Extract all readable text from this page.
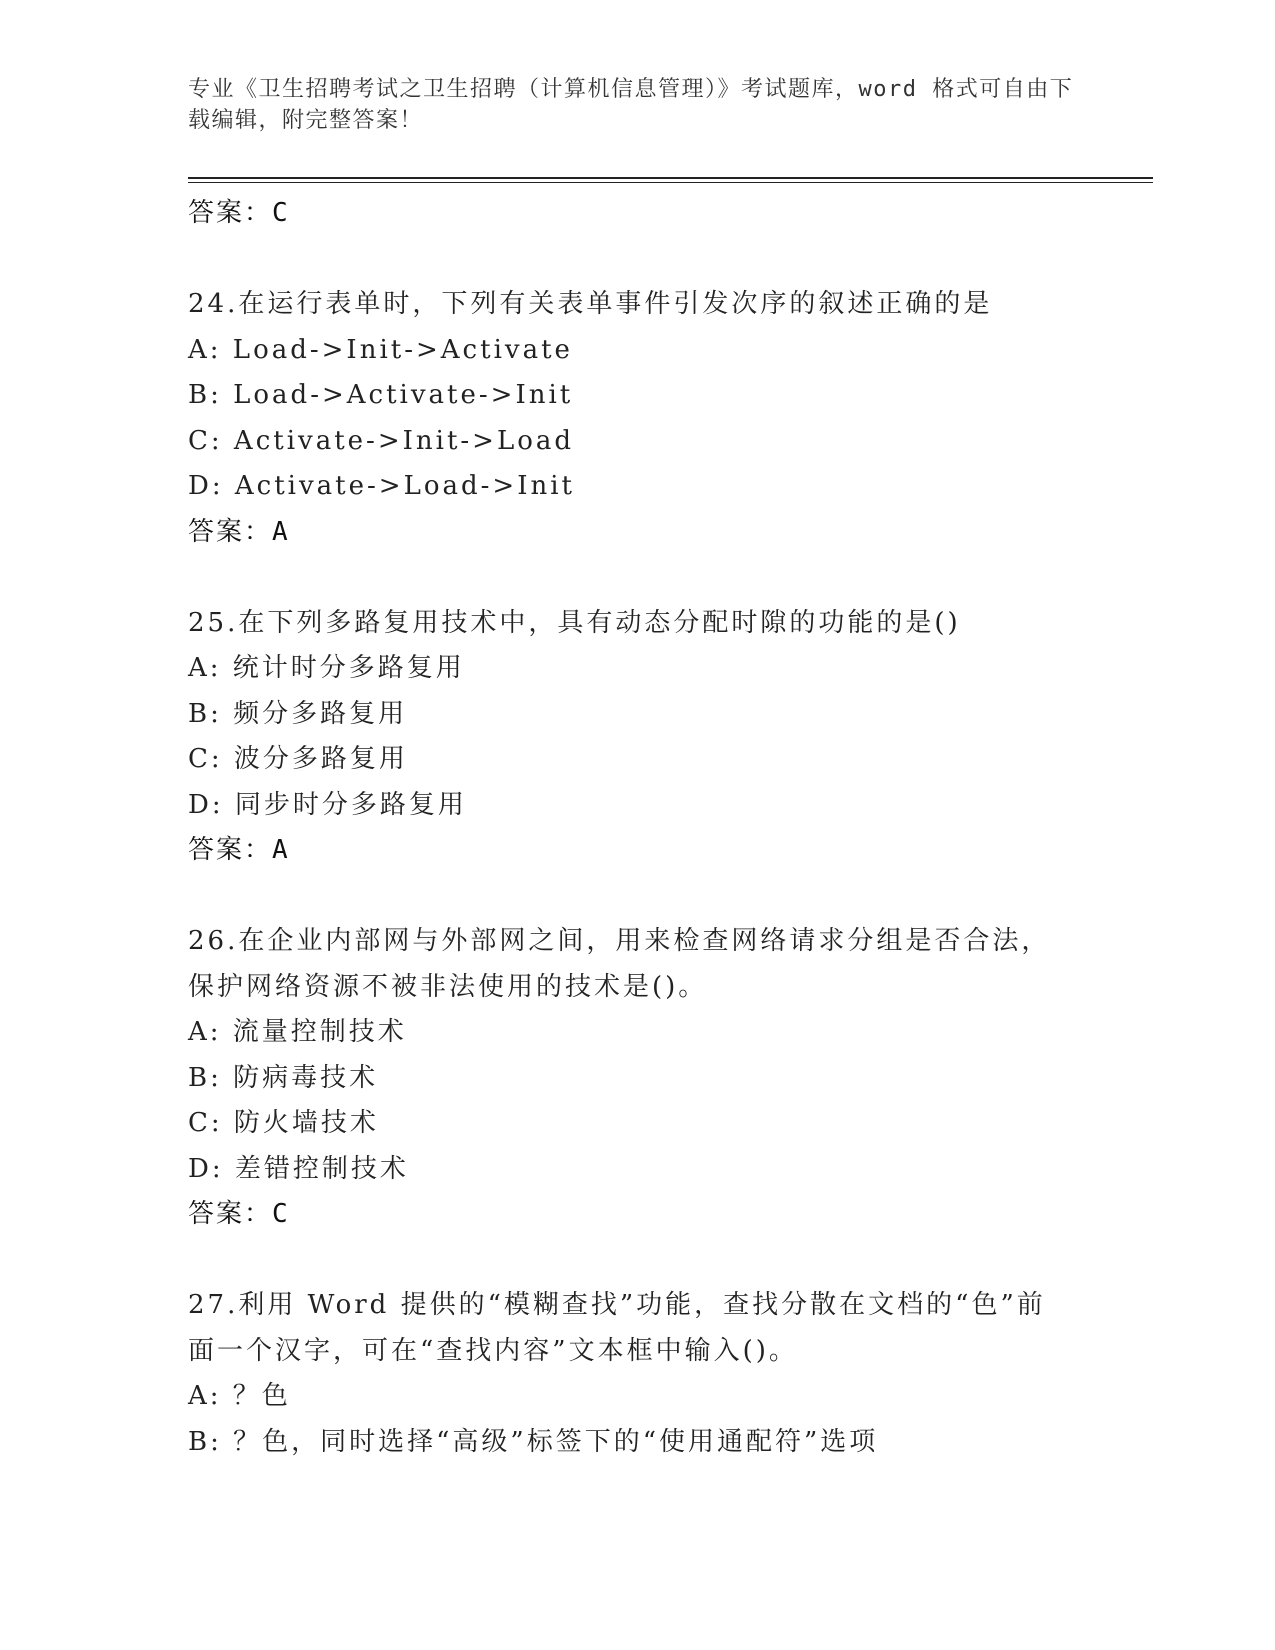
专业《卫生招聘考试之卫生招聘（计算机信息管理）》考试题库，word 格式可自由下载编辑，附完整答案！
答案：C
24.在运行表单时，下列有关表单事件引发次序的叙述正确的是
A: Load->Init->Activate
B: Load->Activate->Init
C: Activate->Init->Load
D: Activate->Load->Init
答案：A
25.在下列多路复用技术中，具有动态分配时隙的功能的是()
A: 统计时分多路复用
B: 频分多路复用
C: 波分多路复用
D: 同步时分多路复用
答案：A
26.在企业内部网与外部网之间，用来检查网络请求分组是否合法，保护网络资源不被非法使用的技术是()。
A: 流量控制技术
B: 防病毒技术
C: 防火墙技术
D: 差错控制技术
答案：C
27.利用 Word 提供的“模糊查找”功能，查找分散在文档的“色”前面一个汉字，可在“查找内容”文本框中输入()。
A: ？色
B: ？色，同时选择“高级”标签下的“使用通配符”选项
